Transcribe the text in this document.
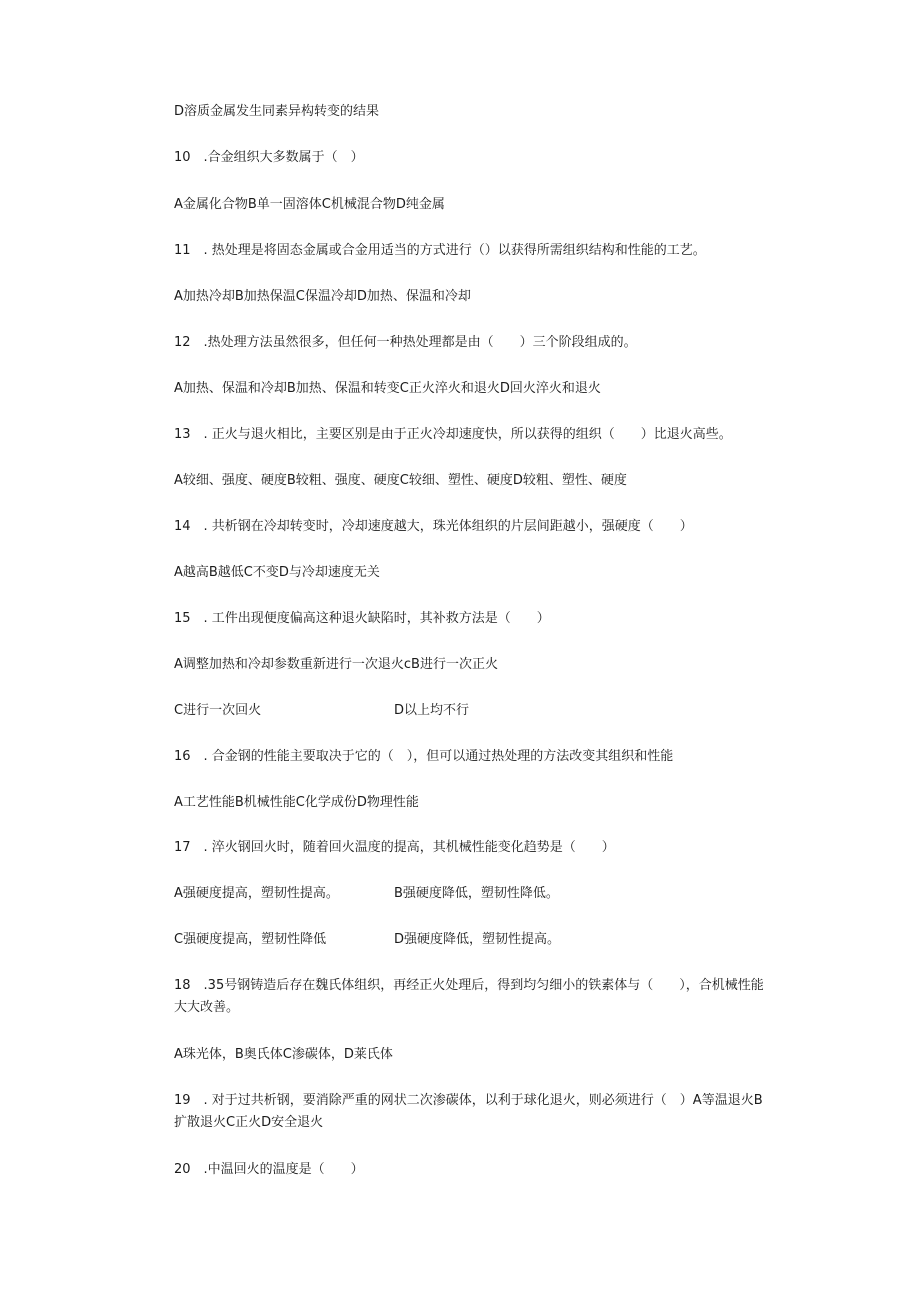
D溶质金属发生同素异构转变的结果
10　.合金组织大多数属于（　）
A金属化合物B单一固溶体C机械混合物D纯金属
11　. 热处理是将固态金属或合金用适当的方式进行（）以获得所需组织结构和性能的工艺。
A加热冷却B加热保温C保温冷却D加热、保温和冷却
12　.热处理方法虽然很多，但任何一种热处理都是由（　　）三个阶段组成的。
A加热、保温和冷却B加热、保温和转变C正火淬火和退火D回火淬火和退火
13　. 正火与退火相比，主要区别是由于正火冷却速度快，所以获得的组织（　　）比退火高些。
A较细、强度、硬度B较粗、强度、硬度C较细、塑性、硬度D较粗、塑性、硬度
14　. 共析钢在冷却转变时，冷却速度越大，珠光体组织的片层间距越小，强硬度（　　）
A越高B越低C不变D与冷却速度无关
15　. 工件出现便度偏高这种退火缺陷时，其补救方法是（　　）
A调整加热和冷却参数重新进行一次退火cB进行一次正火
C进行一次回火	D以上均不行
16　. 合金钢的性能主要取决于它的（　），但可以通过热处理的方法改变其组织和性能
A工艺性能B机械性能C化学成份D物理性能
17　. 淬火钢回火时，随着回火温度的提高，其机械性能变化趋势是（　　）
A强硬度提高，塑韧性提高。	B强硬度降低，塑韧性降低。
C强硬度提高，塑韧性降低	D强硬度降低，塑韧性提高。
18　.35号钢铸造后存在魏氏体组织，再经正火处理后，得到均匀细小的铁素体与（　　），合机械性能大大改善。
A珠光体，B奥氏体C渗碳体，D莱氏体
19　. 对于过共析钢，要消除严重的网状二次渗碳体，以利于球化退火，则必须进行（　）A等温退火B扩散退火C正火D安全退火
20　.中温回火的温度是（　　）
